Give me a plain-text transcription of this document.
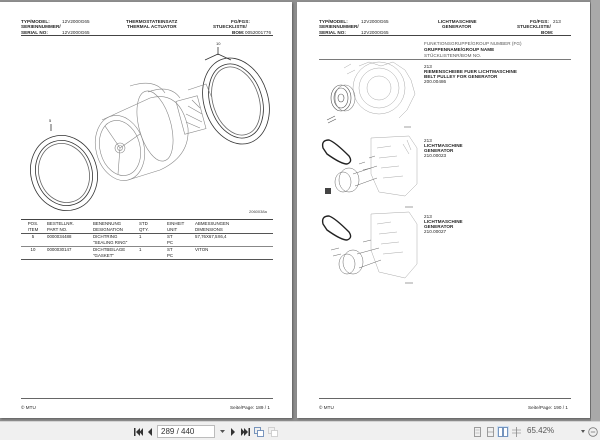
TYP/MODEL:
SERIENNUMMER/
SERIAL NO:
12V2000G65
12V2000G65
THERMOSTATEINSATZ
THERMAL ACTUATOR
FG/FGS:
STUECKLISTE/
BOM: 0052001776
10
5
2060038a
POS.	BESTELLNR.	BENENNUNG	STD	EINHEIT	ABMESSUNGEN
ITEM	PART NO.	DESIGNATION	QTY.	UNIT	DIMENSIONS
5	0000034488	DICHTRING	1	ST	57,76X67,5X6,4
		"SEALING RING"		PC	
10	0000030147	DICHTBEILAGE	1	ST	VITON
		"GASKET"		PC	
© MTU	Seite/Page: 189 / 1
TYP/MODEL:
SERIENNUMMER/
SERIAL NO:
12V2000G65
12V2000G65
LICHTMASCHINE
GENERATOR
FG/FGS: 213
STUECKLISTE/
BOM:
FUNKTIONSGRUPPE/GROUP NUMBER (FG)
GRUPPENNAME/GROUP NAME
STÜCKLISTENR/BOM NO.
213
RIEMENSCHEIBE FUER LICHTMASCHINE
BELT PULLEY FOR GENERATOR
200.00486
213
LICHTMASCHINE
GENERATOR
210.00023
213
LICHTMASCHINE
GENERATOR
210.00027
© MTU	Seite/Page: 190 / 1
289 / 440	65.42%
